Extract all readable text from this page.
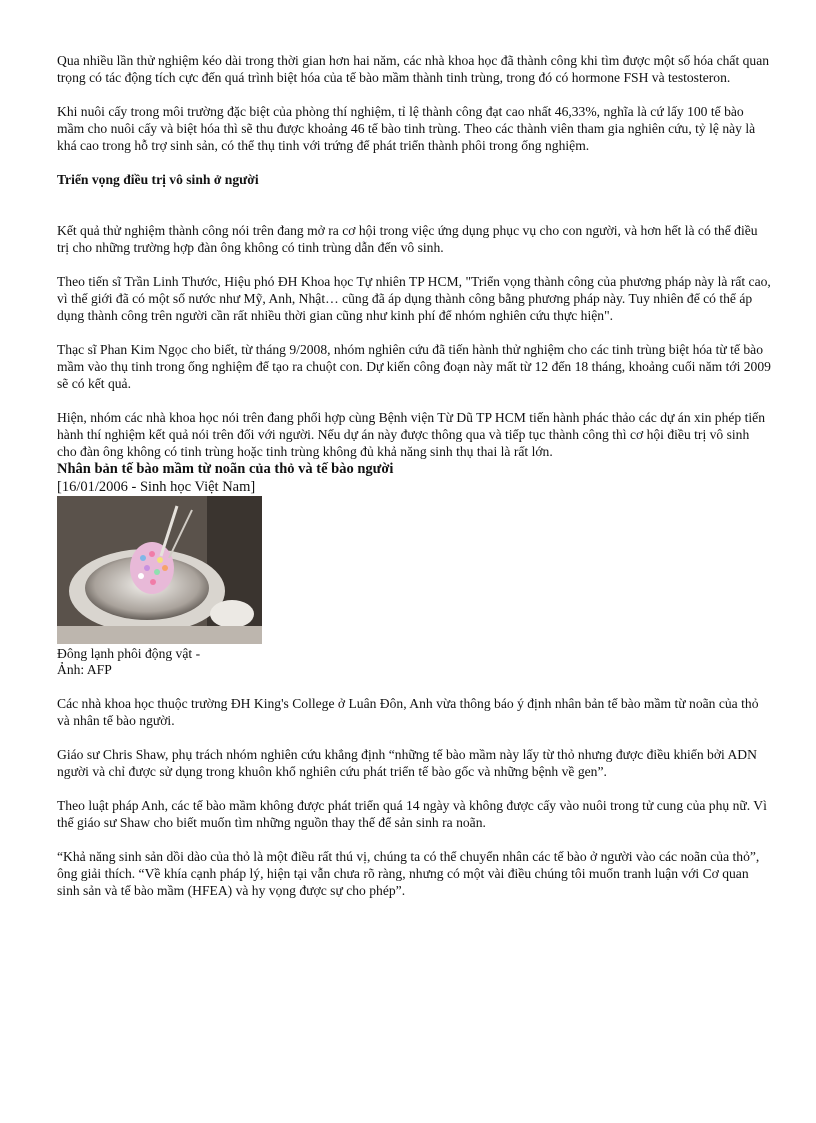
Qua nhiều lần thử nghiệm kéo dài trong thời gian hơn hai năm, các nhà khoa học đã thành công khi tìm được một số hóa chất quan trọng có tác động tích cực đến quá trình biệt hóa của tế bào mầm thành tinh trùng, trong đó có hormone FSH và testosteron.

Khi nuôi cấy trong môi trường đặc biệt của phòng thí nghiệm, tỉ lệ thành công đạt cao nhất 46,33%, nghĩa là cứ lấy 100 tế bào mầm cho nuôi cấy và biệt hóa thì sẽ thu được khoảng 46 tế bào tinh trùng. Theo các thành viên tham gia nghiên cứu, tỷ lệ này là khá cao trong hỗ trợ sinh sản, có thể thụ tinh với trứng để phát triển thành phôi trong ống nghiệm.

Triển vọng điều trị vô sinh ở người

Kết quả thử nghiệm thành công nói trên đang mở ra cơ hội trong việc ứng dụng phục vụ cho con người, và hơn hết là có thể điều trị cho những trường hợp đàn ông không có tinh trùng dẫn đến vô sinh.

Theo tiến sĩ Trần Linh Thước, Hiệu phó ĐH Khoa học Tự nhiên TP HCM, "Triển vọng thành công của phương pháp này là rất cao, vì thế giới đã có một số nước như Mỹ, Anh, Nhật… cũng đã áp dụng thành công bằng phương pháp này. Tuy nhiên để có thể áp dụng thành công trên người cần rất nhiều thời gian cũng như kinh phí để nhóm nghiên cứu thực hiện".

Thạc sĩ Phan Kim Ngọc cho biết, từ tháng 9/2008, nhóm nghiên cứu đã tiến hành thử nghiệm cho các tinh trùng biệt hóa từ tế bào mầm vào thụ tinh trong ống nghiệm để tạo ra chuột con. Dự kiến công đoạn này mất từ 12 đến 18 tháng, khoảng cuối năm tới 2009 sẽ có kết quả.

Hiện, nhóm các nhà khoa học nói trên đang phối hợp cùng Bệnh viện Từ Dũ TP HCM tiến hành phác thảo các dự án xin phép tiến hành thí nghiệm kết quả nói trên đối với người. Nếu dự án này được thông qua và tiếp tục thành công thì cơ hội điều trị vô sinh cho đàn ông không có tinh trùng hoặc tinh trùng không đủ khả năng sinh thụ thai là rất lớn.

Nhân bản tế bào mầm từ noãn của thỏ và tế bào người

[16/01/2006 - Sinh học Việt Nam]

Đông lạnh phôi động vật -
Ảnh: AFP

Các nhà khoa học thuộc trường ĐH King's College ở Luân Đôn, Anh vừa thông báo ý định nhân bản tế bào mầm từ noãn của thỏ và nhân tế bào người.

Giáo sư Chris Shaw, phụ trách nhóm nghiên cứu khẳng định “những tế bào mầm này lấy từ thỏ nhưng được điều khiển bởi ADN người và chỉ được sử dụng trong khuôn khổ nghiên cứu phát triển tế bào gốc và những bệnh về gen”.

Theo luật pháp Anh, các tế bào mầm không được phát triển quá 14 ngày và không được cấy vào nuôi trong tử cung của phụ nữ. Vì thế giáo sư Shaw cho biết muốn tìm những nguồn thay thế để sản sinh ra noãn.

“Khả năng sinh sản dồi dào của thỏ là một điều rất thú vị, chúng ta có thể chuyển nhân các tế bào ở người vào các noãn của thỏ”, ông giải thích. “Về khía cạnh pháp lý, hiện tại vẫn chưa rõ ràng, nhưng có một vài điều chúng tôi muốn tranh luận với Cơ quan sinh sản và tế bào mầm (HFEA) và hy vọng được sự cho phép”.
